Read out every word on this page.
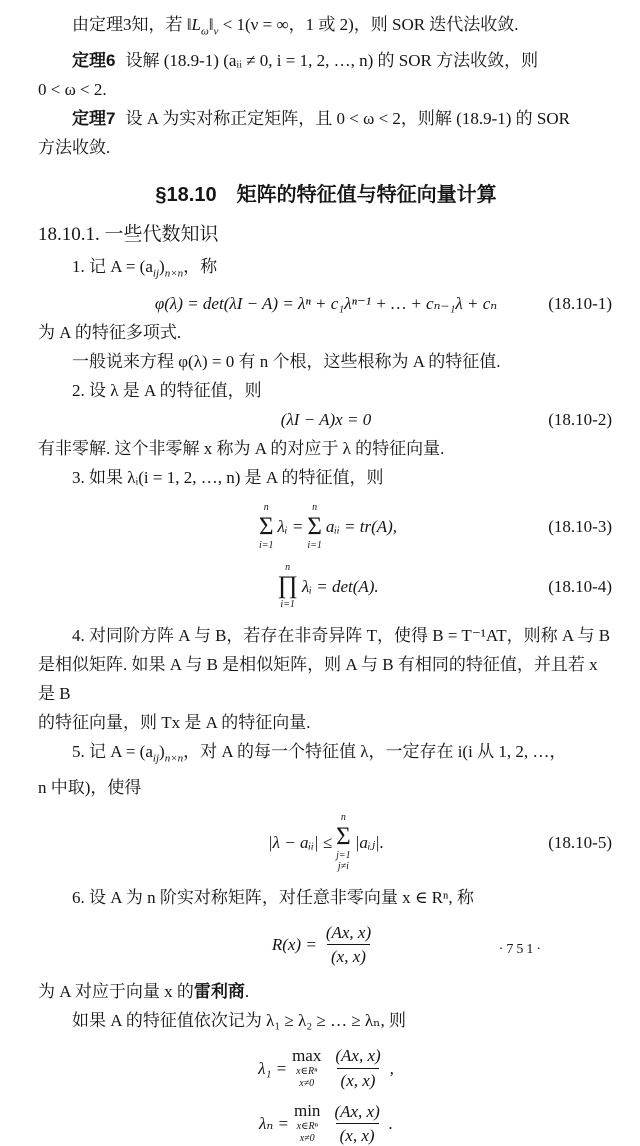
由定理3知，若 $‖L_\omega‖_\nu < 1(\nu$ = ∞，1 或 2)，则 SOR 迭代法收敛.

定理6 设解 (18.9-1) (aᵢᵢ ≠ 0, i = 1, 2, …, n) 的 SOR 方法收敛，则

0 < ω < 2.

定理7 设 A 为实对称正定矩阵，且 0 < ω < 2，则解 (18.9-1) 的 SOR

方法收敛.

§18.10　矩阵的特征值与特征向量计算
18.10.1. 一些代数知识

1. 记 $A = (a_{ij})_{n\times n}$，称

φ(λ) = det(λI − A) = λⁿ + c₁λⁿ⁻¹ + … + cₙ₋₁λ + cₙ	(18.10-1)

为 A 的特征多项式.

一般说来方程 φ(λ) = 0 有 n 个根，这些根称为 A 的特征值.

2. 设 λ 是 A 的特征值，则

(λI − A)x = 0	(18.10-2)

有非零解. 这个非零解 x 称为 A 的对应于 λ 的特征向量.

3. 如果 λᵢ(i = 1, 2, …, n) 是 A 的特征值，则

n
Σ
i=1
λᵢ =
n
Σ
i=1
aᵢᵢ = tr(A),	(18.10-3)
n
∏
i=1
λᵢ = det(A).	(18.10-4)

4. 对同阶方阵 A 与 B，若存在非奇异阵 T，使得 B = T⁻¹AT，则称 A 与 B

是相似矩阵. 如果 A 与 B 是相似矩阵，则 A 与 B 有相同的特征值，并且若 x 是 B

的特征向量，则 Tx 是 A 的特征向量.

5. 记 $A = (a_{ij})_{n\times n}$，对 A 的每一个特征值 λ，一定存在 i(i 从 1, 2, …，

n 中取)，使得

|λ − aᵢᵢ| ≤
n
Σ
j=1
j≠i
|aᵢⱼ|.	(18.10-5)

6. 设 A 为 n 阶实对称矩阵，对任意非零向量 x ∈ Rⁿ, 称

$R(x) = \frac{(Ax, x)}{(x, x)}$

为 A 对应于向量 x 的雷利商.

如果 A 的特征值依次记为 λ₁ ≥ λ₂ ≥ … ≥ λₙ, 则

λ₁ =
max
x∈Rⁿ
$x\ne 0 \frac{(Ax, x)}{(x, x)}$ ,
λₙ =
min
x∈Rⁿ
$x\ne 0 \frac{(Ax, x)}{(x, x)}$ .
·751·
